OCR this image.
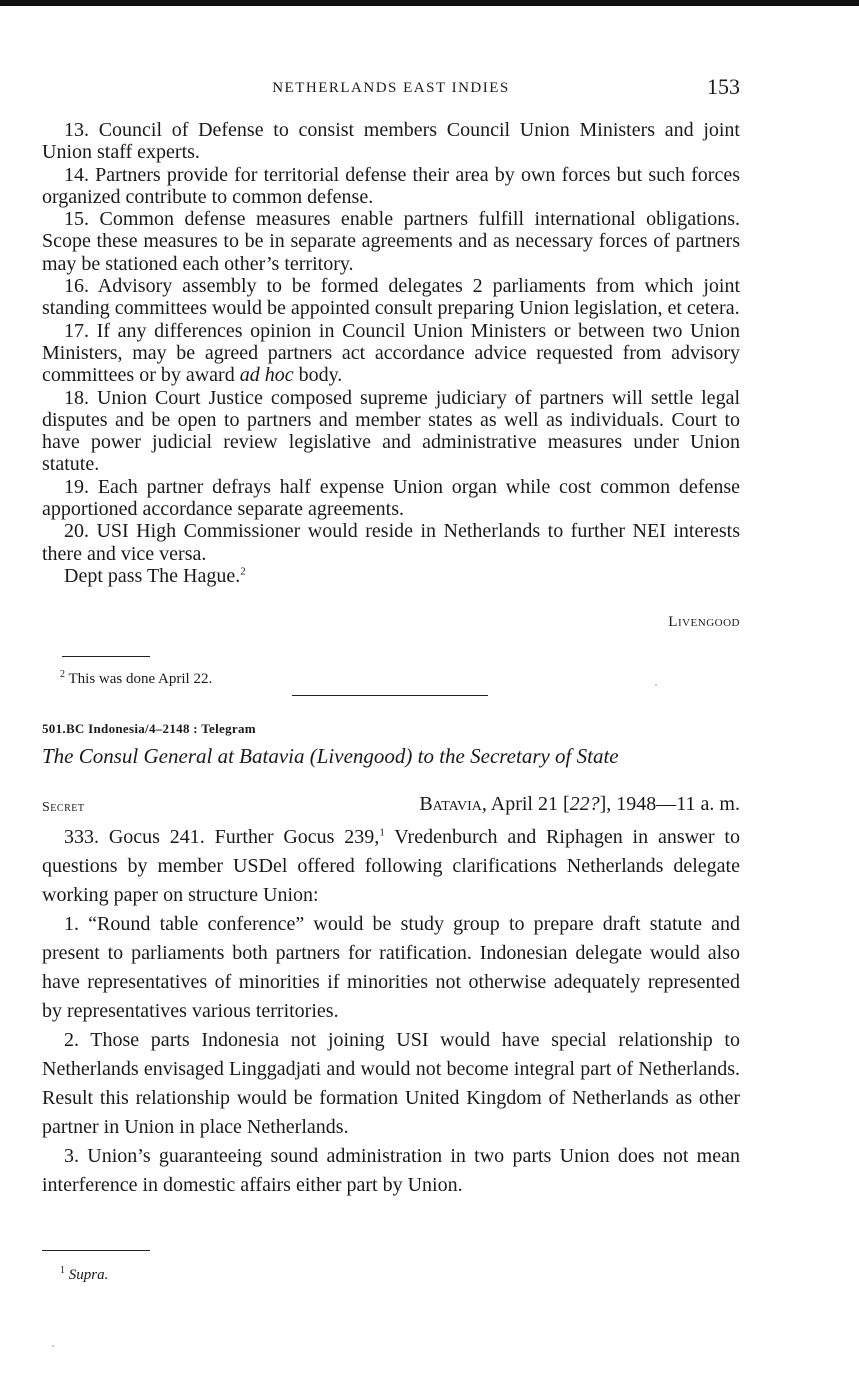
NETHERLANDS EAST INDIES	153

13. Council of Defense to consist members Council Union Ministers and joint Union staff experts.

14. Partners provide for territorial defense their area by own forces but such forces organized contribute to common defense.

15. Common defense measures enable partners fulfill international obligations. Scope these measures to be in separate agreements and as necessary forces of partners may be stationed each other’s territory.

16. Advisory assembly to be formed delegates 2 parliaments from which joint standing committees would be appointed consult preparing Union legislation, et cetera.

17. If any differences opinion in Council Union Ministers or between two Union Ministers, may be agreed partners act accordance advice requested from advisory committees or by award ad hoc body.

18. Union Court Justice composed supreme judiciary of partners will settle legal disputes and be open to partners and member states as well as individuals. Court to have power judicial review legislative and administrative measures under Union statute.

19. Each partner defrays half expense Union organ while cost common defense apportioned accordance separate agreements.

20. USI High Commissioner would reside in Netherlands to further NEI interests there and vice versa.

Dept pass The Hague.$^2$

Livengood
$^2$ This was done April 22.
501.BC Indonesia/4–2148 : Telegram
The Consul General at Batavia (Livengood) to the Secretary of State
Secret	Batavia, April 21 [22?], 1948—11 a. m.

333. Gocus 241. Further Gocus 239,$^1$ Vredenburch and Riphagen in answer to questions by member USDel offered following clarifications Netherlands delegate working paper on structure Union:

1. “Round table conference” would be study group to prepare draft statute and present to parliaments both partners for ratification. Indonesian delegate would also have representatives of minorities if minorities not otherwise adequately represented by representatives various territories.

2. Those parts Indonesia not joining USI would have special relationship to Netherlands envisaged Linggadjati and would not become integral part of Netherlands. Result this relationship would be formation United Kingdom of Netherlands as other partner in Union in place Netherlands.

3. Union’s guaranteeing sound administration in two parts Union does not mean interference in domestic affairs either part by Union.

$^1$ Supra.
